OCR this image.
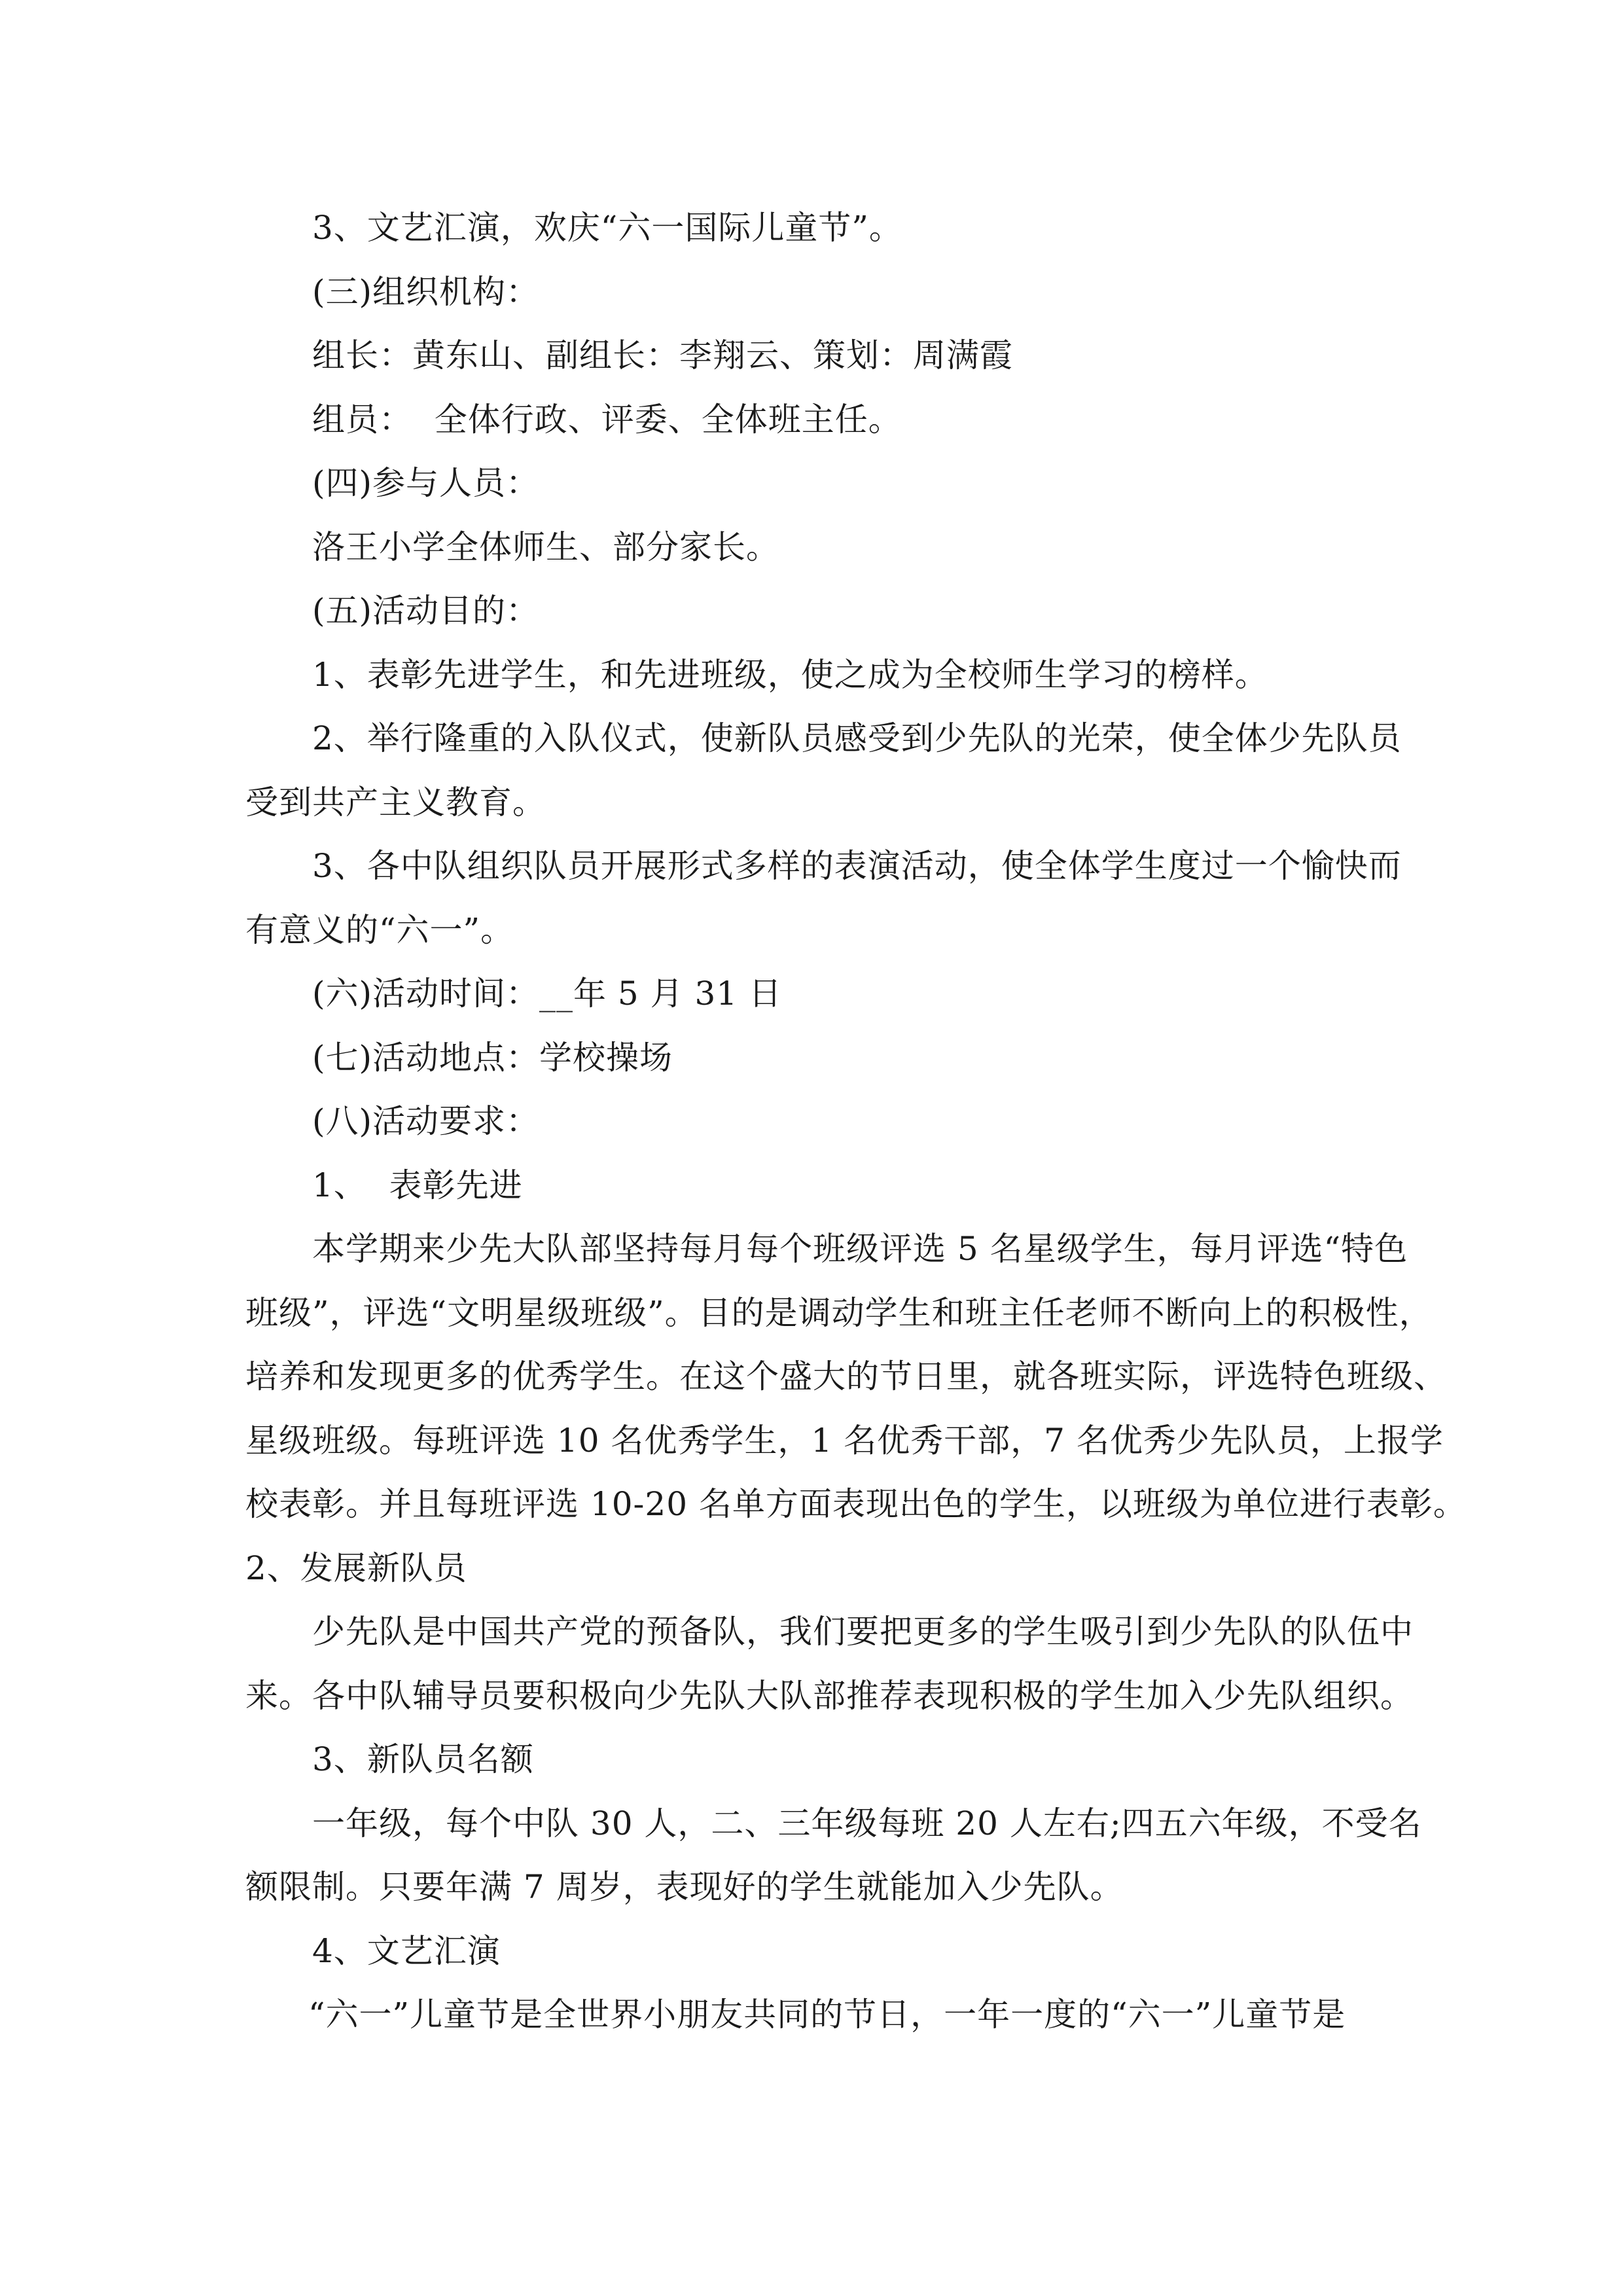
3、文艺汇演，欢庆“六一国际儿童节”。
(三)组织机构：
组长：黄东山、副组长：李翔云、策划：周满霞
组员：  全体行政、评委、全体班主任。
(四)参与人员：
洛王小学全体师生、部分家长。
(五)活动目的：
1、表彰先进学生，和先进班级，使之成为全校师生学习的榜样。
2、举行隆重的入队仪式，使新队员感受到少先队的光荣，使全体少先队员
受到共产主义教育。
3、各中队组织队员开展形式多样的表演活动，使全体学生度过一个愉快而
有意义的“六一”。
(六)活动时间：__年 5 月 31 日
(七)活动地点：学校操场
(八)活动要求：
1、  表彰先进
本学期来少先大队部坚持每月每个班级评选 5 名星级学生，每月评选“特色
班级”，评选“文明星级班级”。目的是调动学生和班主任老师不断向上的积极性，
培养和发现更多的优秀学生。在这个盛大的节日里，就各班实际，评选特色班级、
星级班级。每班评选 10 名优秀学生，1 名优秀干部，7 名优秀少先队员，上报学
校表彰。并且每班评选 10-20 名单方面表现出色的学生，以班级为单位进行表彰。
2、发展新队员
少先队是中国共产党的预备队，我们要把更多的学生吸引到少先队的队伍中
来。各中队辅导员要积极向少先队大队部推荐表现积极的学生加入少先队组织。
3、新队员名额
一年级，每个中队 30 人，二、三年级每班 20 人左右;四五六年级，不受名
额限制。只要年满 7 周岁，表现好的学生就能加入少先队。
4、文艺汇演
“六一”儿童节是全世界小朋友共同的节日，一年一度的“六一”儿童节是
